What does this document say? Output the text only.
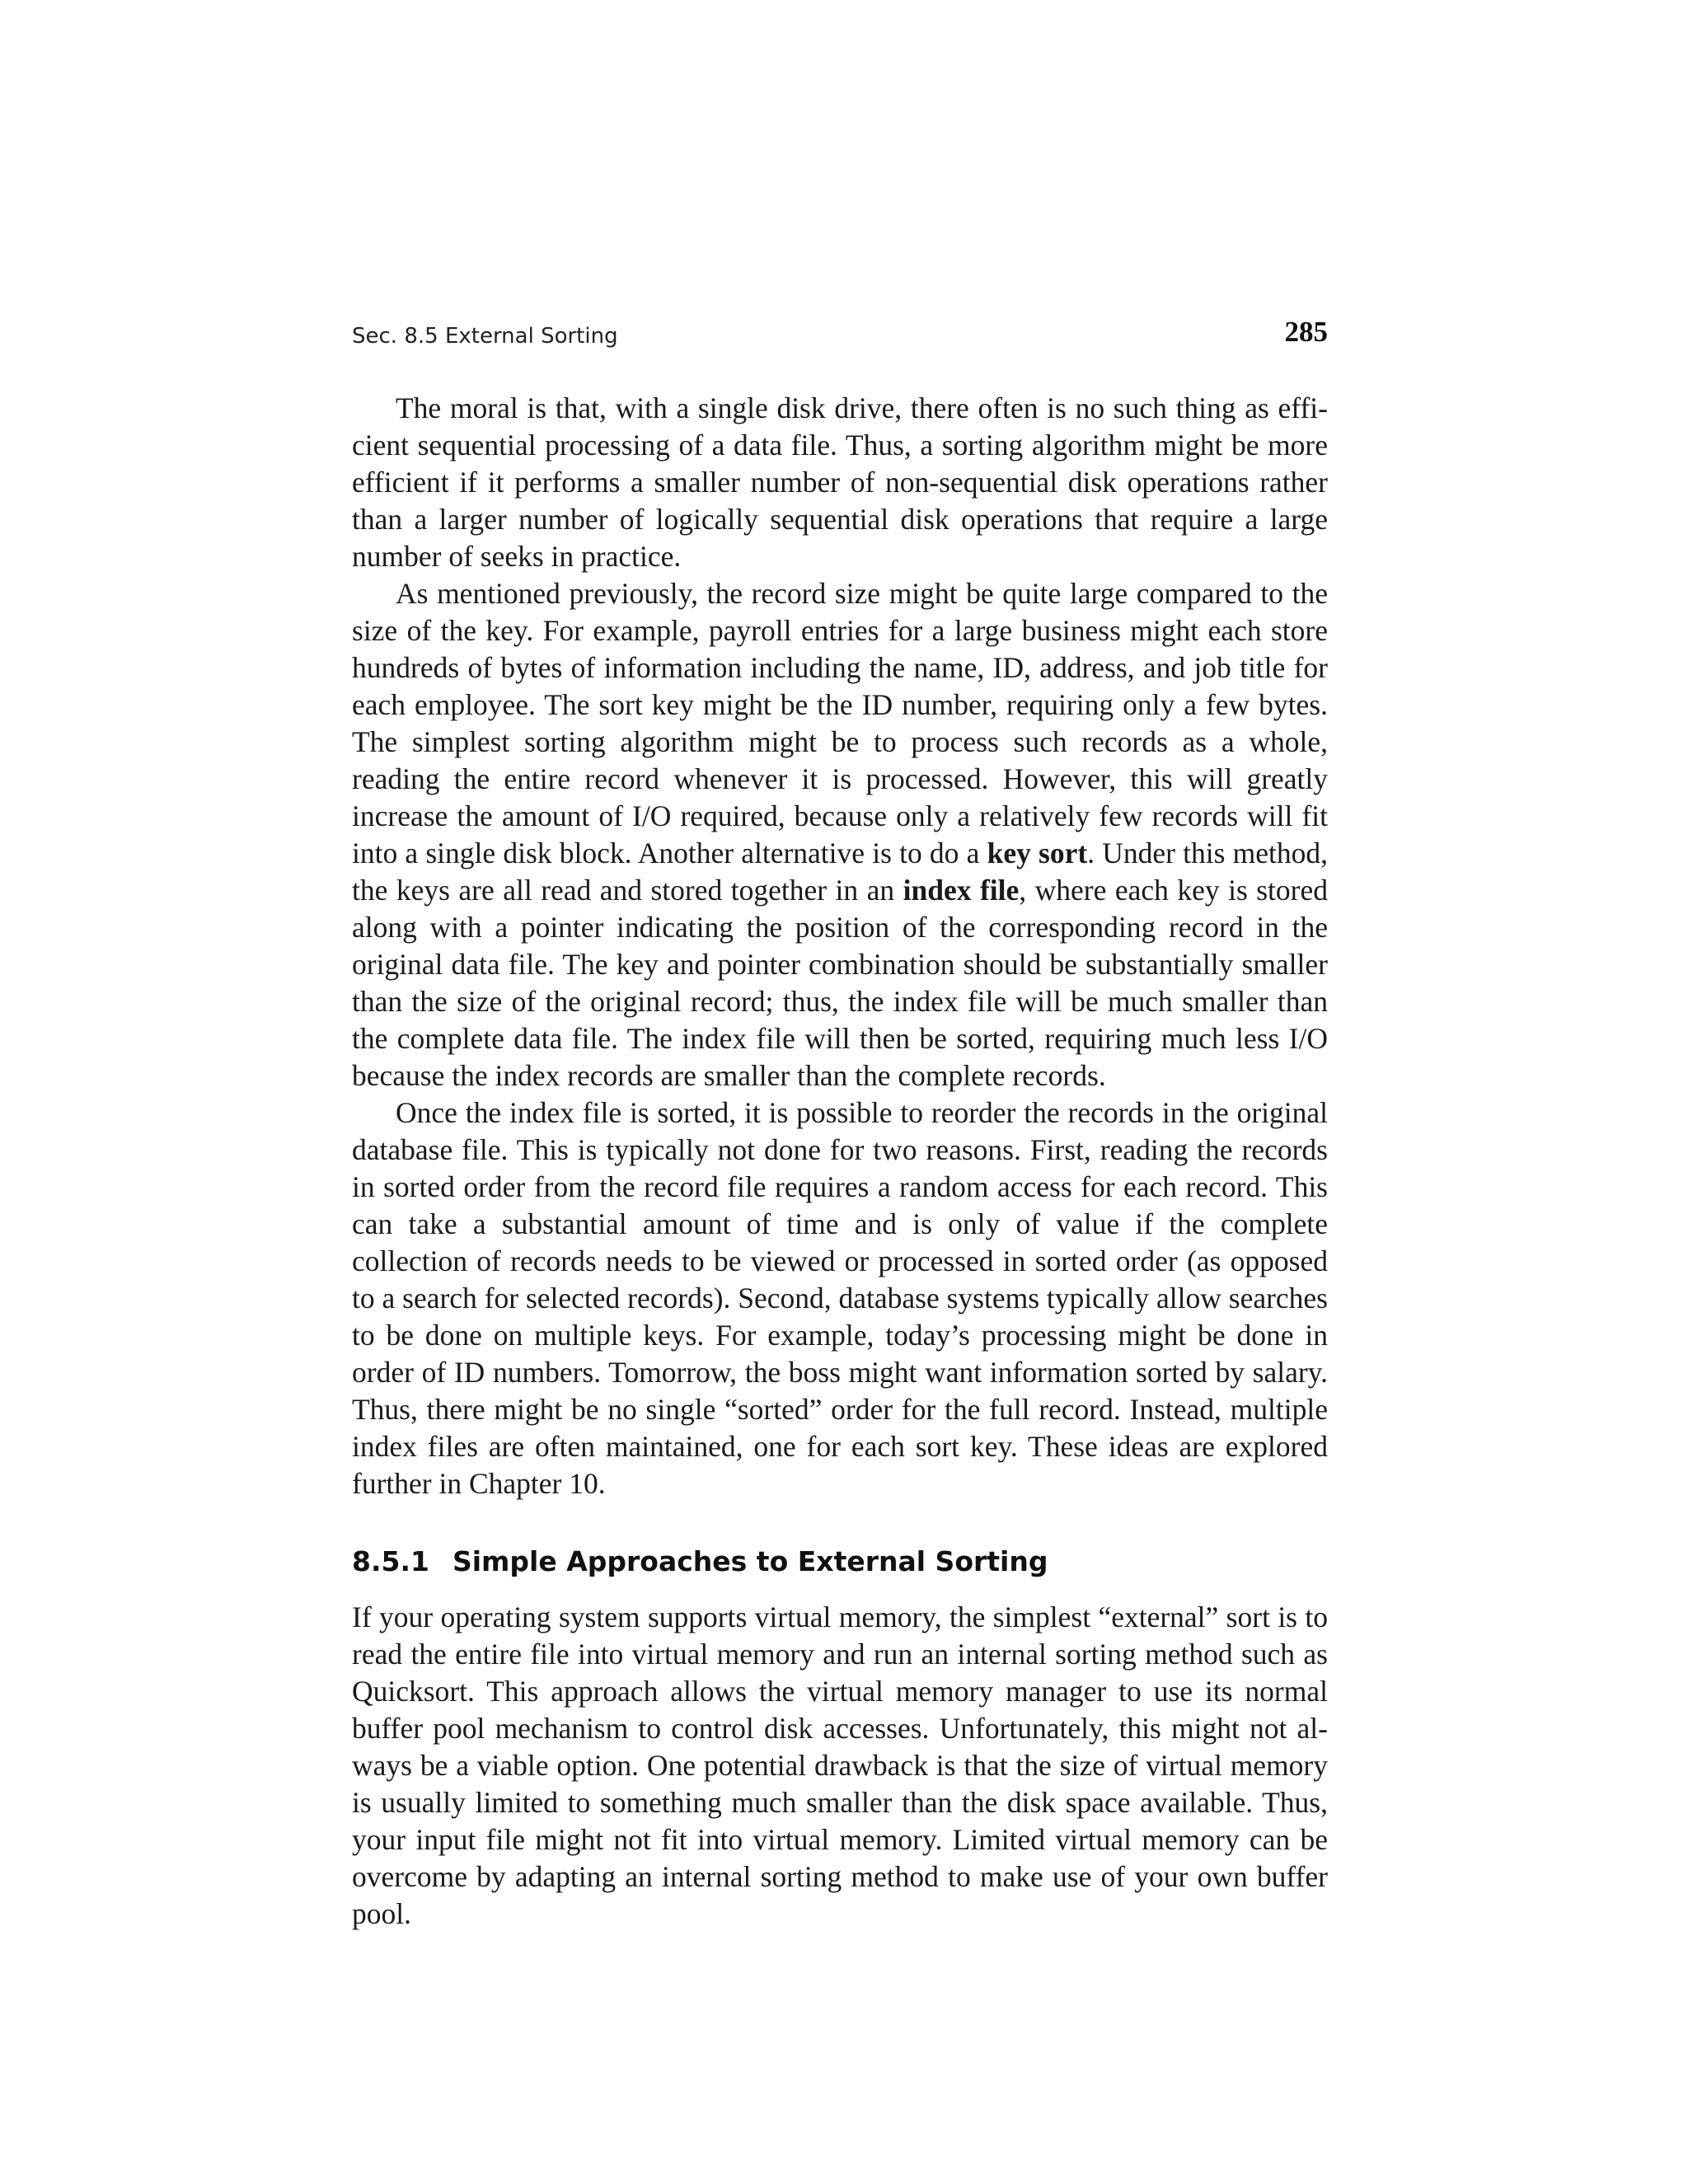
Sec. 8.5 External Sorting	285

The moral is that, with a single disk drive, there often is no such thing as efficient sequential processing of a data file. Thus, a sorting algorithm might be more efficient if it performs a smaller number of non-sequential disk operations rather than a larger number of logically sequential disk operations that require a large number of seeks in practice.

As mentioned previously, the record size might be quite large compared to the size of the key. For example, payroll entries for a large business might each store hundreds of bytes of information including the name, ID, address, and job title for each employee. The sort key might be the ID number, requiring only a few bytes. The simplest sorting algorithm might be to process such records as a whole, reading the entire record whenever it is processed. However, this will greatly increase the amount of I/O required, because only a relatively few records will fit into a single disk block. Another alternative is to do a key sort. Under this method, the keys are all read and stored together in an index file, where each key is stored along with a pointer indicating the position of the corresponding record in the original data file. The key and pointer combination should be substantially smaller than the size of the original record; thus, the index file will be much smaller than the complete data file. The index file will then be sorted, requiring much less I/O because the index records are smaller than the complete records.

Once the index file is sorted, it is possible to reorder the records in the original database file. This is typically not done for two reasons. First, reading the records in sorted order from the record file requires a random access for each record. This can take a substantial amount of time and is only of value if the complete collection of records needs to be viewed or processed in sorted order (as opposed to a search for selected records). Second, database systems typically allow searches to be done on multiple keys. For example, today’s processing might be done in order of ID numbers. Tomorrow, the boss might want information sorted by salary. Thus, there might be no single “sorted” order for the full record. Instead, multiple index files are often maintained, one for each sort key. These ideas are explored further in Chapter 10.

8.5.1 Simple Approaches to External Sorting

If your operating system supports virtual memory, the simplest “external” sort is to read the entire file into virtual memory and run an internal sorting method such as Quicksort. This approach allows the virtual memory manager to use its normal buffer pool mechanism to control disk accesses. Unfortunately, this might not always be a viable option. One potential drawback is that the size of virtual memory is usually limited to something much smaller than the disk space available. Thus, your input file might not fit into virtual memory. Limited virtual memory can be overcome by adapting an internal sorting method to make use of your own buffer pool.
